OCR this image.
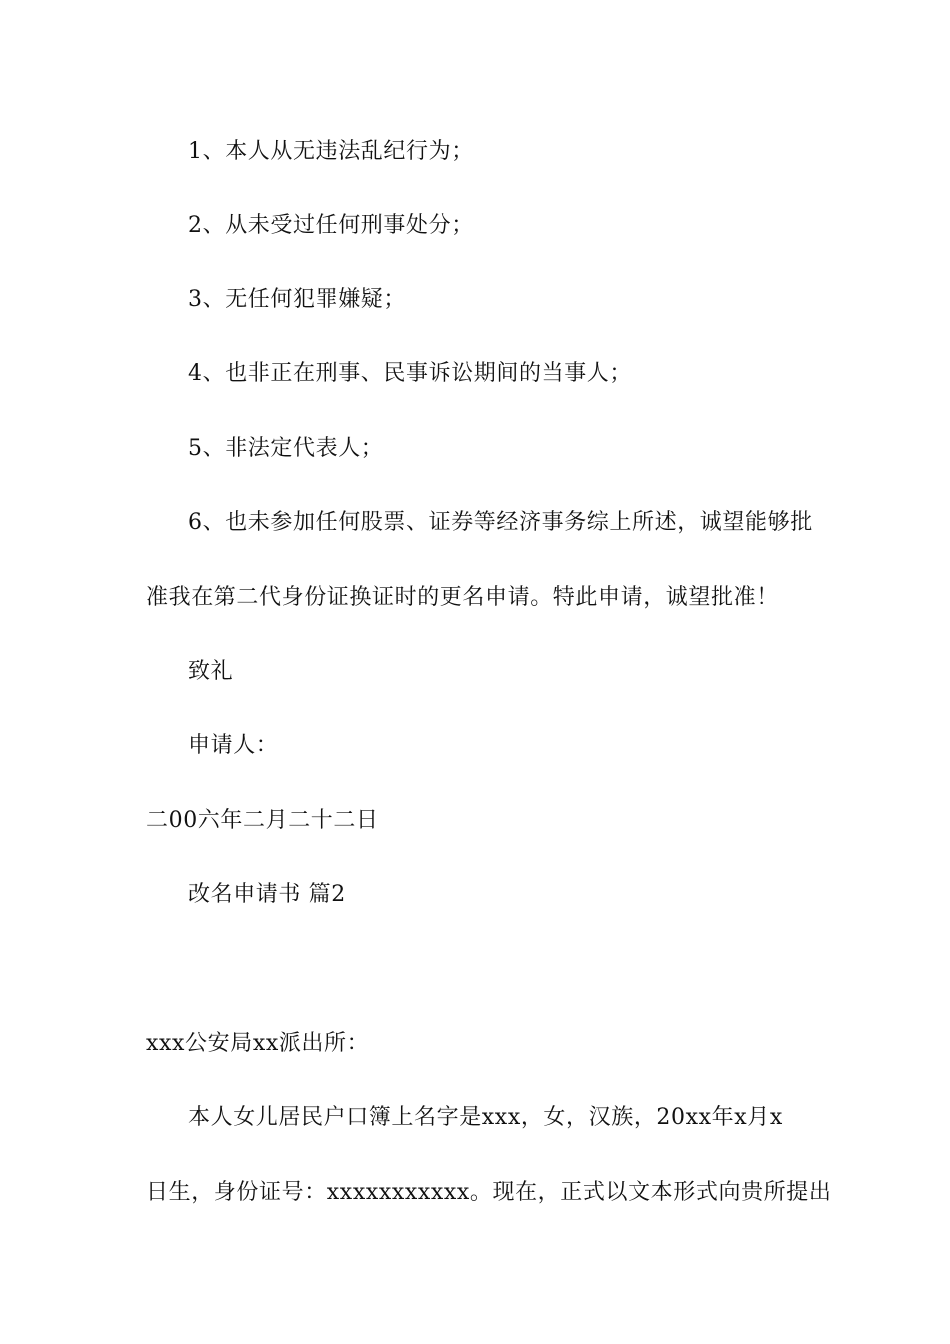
1、本人从无违法乱纪行为；
2、从未受过任何刑事处分；
3、无任何犯罪嫌疑；
4、也非正在刑事、民事诉讼期间的当事人；
5、非法定代表人；
6、也未参加任何股票、证券等经济事务综上所述，诚望能够批
准我在第二代身份证换证时的更名申请。特此申请，诚望批准！
致礼
申请人：
二00六年二月二十二日
改名申请书 篇2
xxx公安局xx派出所：
本人女儿居民户口簿上名字是xxx，女，汉族，20xx年x月x
日生，身份证号：xxxxxxxxxxx。现在，正式以文本形式向贵所提出
